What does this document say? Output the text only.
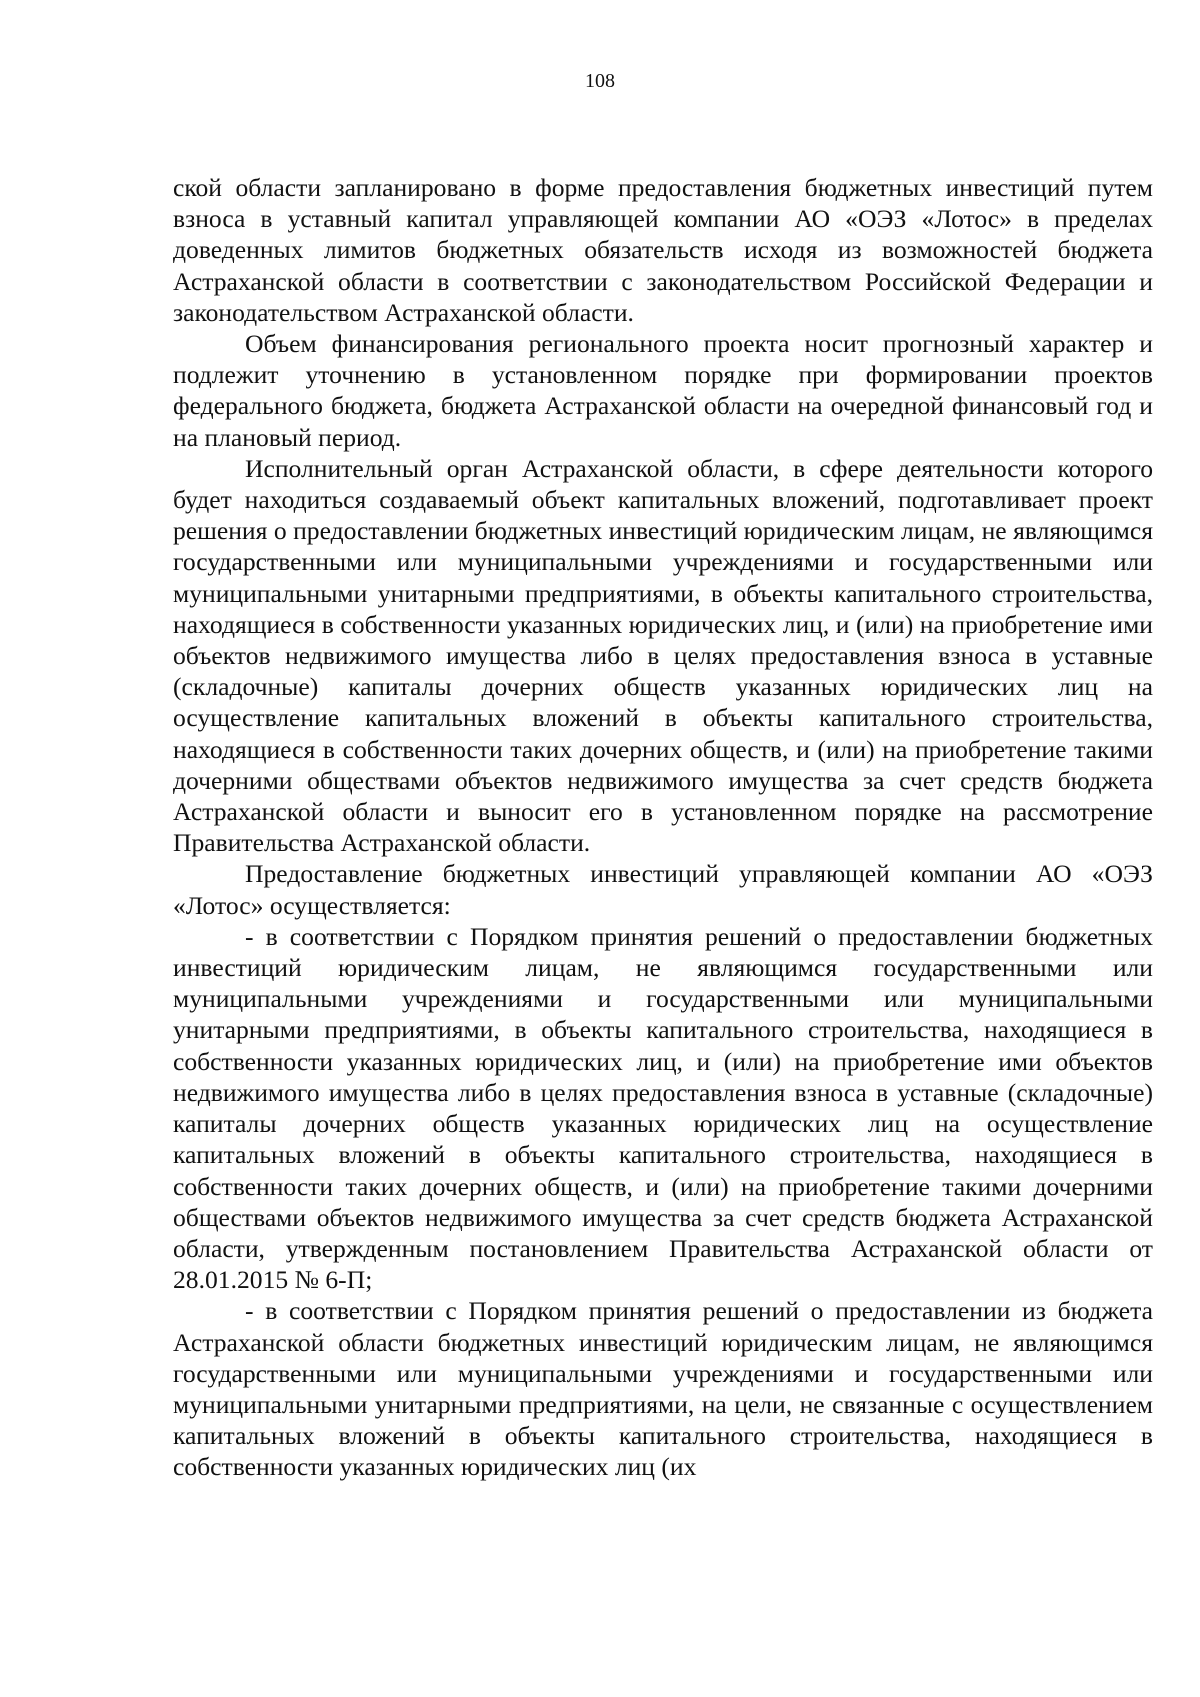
108

ской области запланировано в форме предоставления бюджетных инвестиций путем взноса в уставный капитал управляющей компании АО «ОЭЗ «Лотос» в пределах доведенных лимитов бюджетных обязательств исходя из возможностей бюджета Астраханской области в соответствии с законодательством Российской Федерации и законодательством Астраханской области.

Объем финансирования регионального проекта носит прогнозный характер и подлежит уточнению в установленном порядке при формировании проектов федерального бюджета, бюджета Астраханской области на очередной финансовый год и на плановый период.

Исполнительный орган Астраханской области, в сфере деятельности которого будет находиться создаваемый объект капитальных вложений, подготавливает проект решения о предоставлении бюджетных инвестиций юридическим лицам, не являющимся государственными или муниципальными учреждениями и государственными или муниципальными унитарными предприятиями, в объекты капитального строительства, находящиеся в собственности указанных юридических лиц, и (или) на приобретение ими объектов недвижимого имущества либо в целях предоставления взноса в уставные (складочные) капиталы дочерних обществ указанных юридических лиц на осуществление капитальных вложений в объекты капитального строительства, находящиеся в собственности таких дочерних обществ, и (или) на приобретение такими дочерними обществами объектов недвижимого имущества за счет средств бюджета Астраханской области и выносит его в установленном порядке на рассмотрение Правительства Астраханской области.

Предоставление бюджетных инвестиций управляющей компании АО «ОЭЗ «Лотос» осуществляется:

- в соответствии с Порядком принятия решений о предоставлении бюджетных инвестиций юридическим лицам, не являющимся государственными или муниципальными учреждениями и государственными или муниципальными унитарными предприятиями, в объекты капитального строительства, находящиеся в собственности указанных юридических лиц, и (или) на приобретение ими объектов недвижимого имущества либо в целях предоставления взноса в уставные (складочные) капиталы дочерних обществ указанных юридических лиц на осуществление капитальных вложений в объекты капитального строительства, находящиеся в собственности таких дочерних обществ, и (или) на приобретение такими дочерними обществами объектов недвижимого имущества за счет средств бюджета Астраханской области, утвержденным постановлением Правительства Астраханской области от 28.01.2015 № 6-П;

- в соответствии с Порядком принятия решений о предоставлении из бюджета Астраханской области бюджетных инвестиций юридическим лицам, не являющимся государственными или муниципальными учреждениями и государственными или муниципальными унитарными предприятиями, на цели, не связанные с осуществлением капитальных вложений в объекты капитального строительства, находящиеся в собственности указанных юридических лиц (их
